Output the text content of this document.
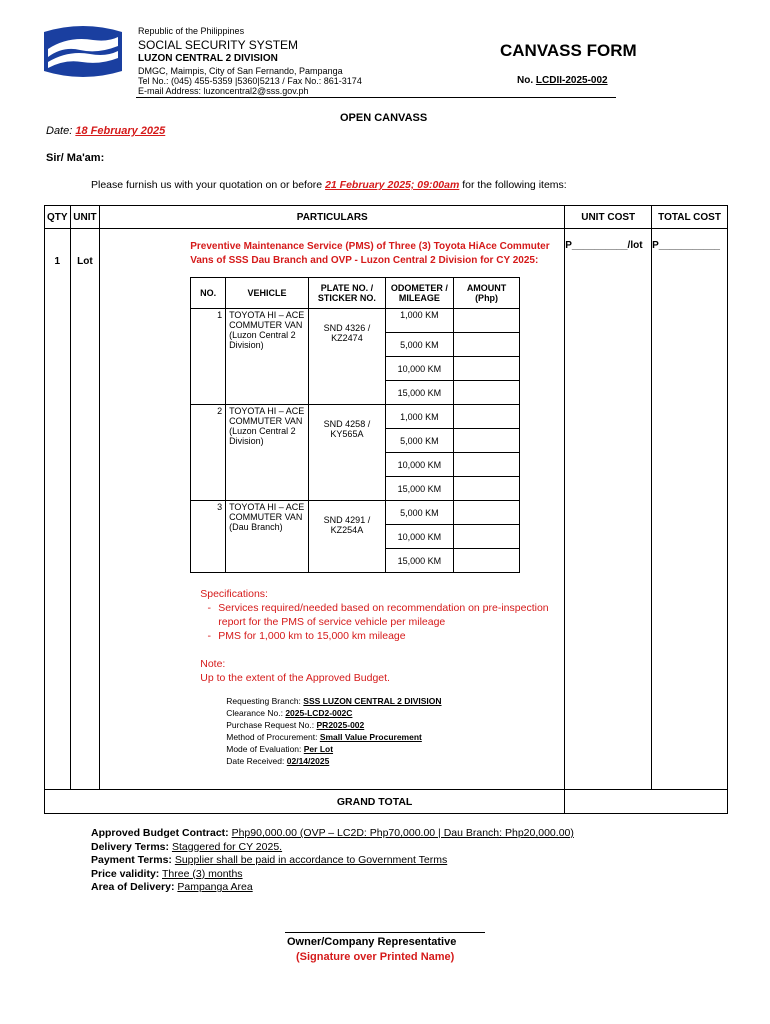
Republic of the Philippines
SOCIAL SECURITY SYSTEM
LUZON CENTRAL 2 DIVISION
DMGC, Maimpis, City of San Fernando, Pampanga
Tel No.: (045) 455-5359 |5360|5213 / Fax No.: 861-3174
E-mail Address: luzoncentral2@sss.gov.ph
CANVASS FORM
No. LCDII-2025-002
OPEN CANVASS
Date: 18 February 2025
Sir/ Ma'am:
Please furnish us with your quotation on or before 21 February 2025; 09:00am for the following items:
QTY	UNIT	PARTICULARS	UNIT COST	TOTAL COST
1	Lot	
Preventive Maintenance Service (PMS) of Three (3) Toyota HiAce Commuter Vans of SSS Dau Branch and OVP - Luzon Central 2 Division for CY 2025:
NO.	VEHICLE	PLATE NO. / STICKER NO.	ODOMETER / MILEAGE	AMOUNT (Php)
1	TOYOTA HI – ACE COMMUTER VAN (Luzon Central 2 Division)	SND 4326 / KZ2474	1,000 KM	
5,000 KM	
10,000 KM	
15,000 KM	
2	TOYOTA HI – ACE COMMUTER VAN (Luzon Central 2 Division)	SND 4258 / KY565A	1,000 KM	
5,000 KM	
10,000 KM	
15,000 KM	
3	TOYOTA HI – ACE COMMUTER VAN (Dau Branch)	SND 4291 / KZ254A	5,000 KM	
10,000 KM	
15,000 KM	
Specifications:
- Services required/needed based on recommendation on pre-inspection report for the PMS of service vehicle per mileage
- PMS for 1,000 km to 15,000 km mileage
Note:
Up to the extent of the Approved Budget.
Requesting Branch: SSS LUZON CENTRAL 2 DIVISION
Clearance No.: 2025-LCD2-002C
Purchase Request No.: PR2025-002
Method of Procurement: Small Value Procurement
Mode of Evaluation: Per Lot
Date Received: 02/14/2025
	P__________/lot	P___________
GRAND TOTAL	
Approved Budget Contract: Php90,000.00 (OVP – LC2D: Php70,000.00 | Dau Branch: Php20,000.00)
Delivery Terms: Staggered for CY 2025.
Payment Terms: Supplier shall be paid in accordance to Government Terms
Price validity: Three (3) months
Area of Delivery: Pampanga Area
Owner/Company Representative
(Signature over Printed Name)
